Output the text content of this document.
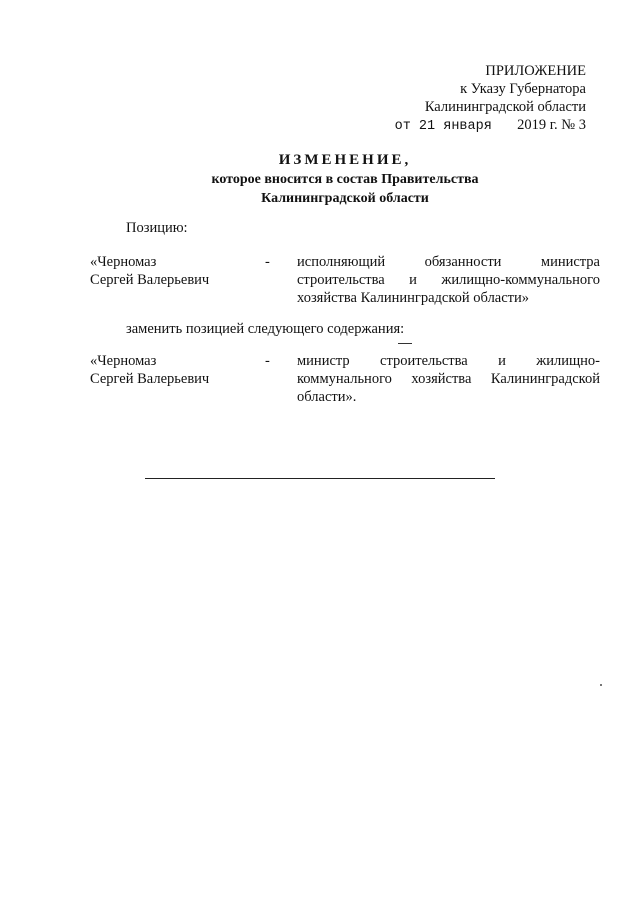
ПРИЛОЖЕНИЕ
к Указу Губернатора
Калининградской области
от 21 января 2019 г. № 3
ИЗМЕНЕНИЕ,
которое вносится в состав Правительства
Калининградской области
Позицию:
«Черномаз
Сергей Валерьевич
- исполняющий обязанности министра строительства и жилищно-коммунального хозяйства Калининградской области»
заменить позицией следующего содержания:
«Черномаз
Сергей Валерьевич
- министр строительства и жилищно-коммунального хозяйства Калининградской области».
